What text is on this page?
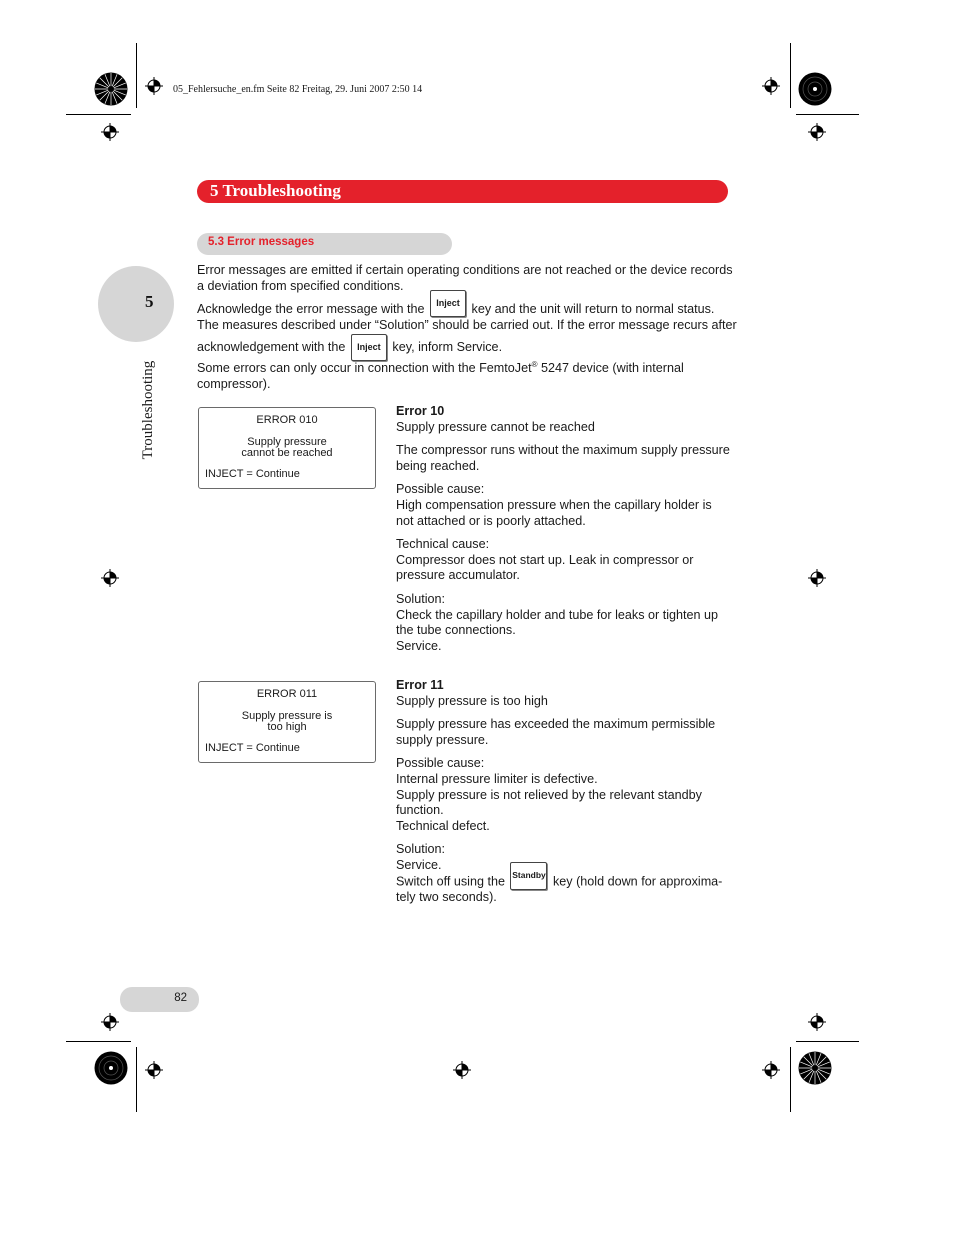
05_Fehlersuche_en.fm Seite 82 Freitag, 29. Juni 2007 2:50 14
5 Troubleshooting
5.3 Error messages
5
Troubleshooting
Error messages are emitted if certain operating conditions are not reached or the device records a deviation from specified conditions.
Acknowledge the error message with the Inject key and the unit will return to normal status. The measures described under “Solution” should be carried out. If the error message recurs after acknowledgement with the Inject key, inform Service.
Some errors can only occur in connection with the FemtoJet® 5247 device (with internal compressor).
ERROR 010
Supply pressure
cannot be reached
INJECT = Continue
Error 10
Supply pressure cannot be reached
The compressor runs without the maximum supply pressure being reached.
Possible cause:
High compensation pressure when the capillary holder is not attached or is poorly attached.
Technical cause:
Compressor does not start up. Leak in compressor or pressure accumulator.
Solution:
Check the capillary holder and tube for leaks or tighten up the tube connections.
Service.
ERROR 011
Supply pressure is
too high
INJECT = Continue
Error 11
Supply pressure is too high
Supply pressure has exceeded the maximum permissible supply pressure.
Possible cause:
Internal pressure limiter is defective.
Supply pressure is not relieved by the relevant standby function.
Technical defect.
Solution:
Service.
Switch off using the Standby key (hold down for approxima-tely two seconds).
82
